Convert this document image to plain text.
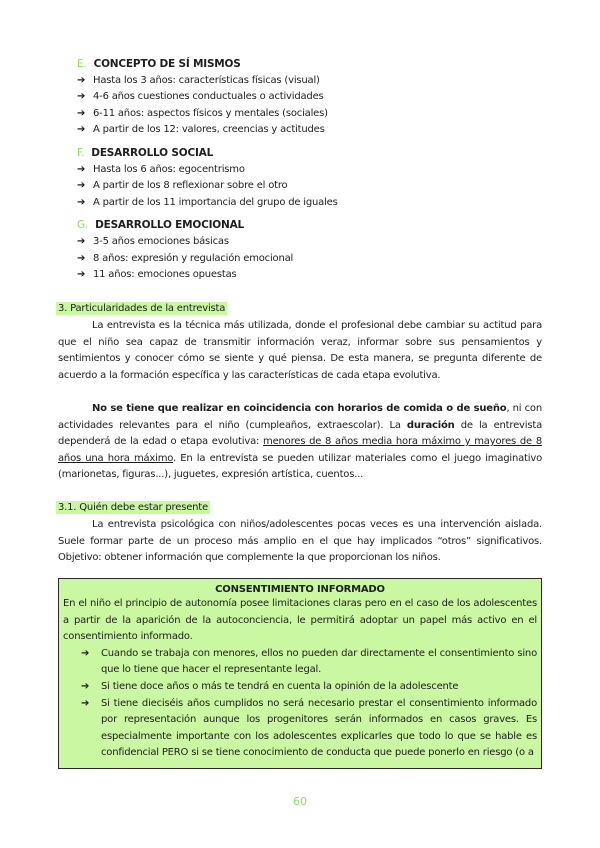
E. CONCEPTO DE SÍ MISMOS
➔ Hasta los 3 años: características físicas (visual)
➔ 4-6 años cuestiones conductuales o actividades
➔ 6-11 años: aspectos físicos y mentales (sociales)
➔ A partir de los 12: valores, creencias y actitudes
F. DESARROLLO SOCIAL
➔ Hasta los 6 años: egocentrismo
➔ A partir de los 8 reflexionar sobre el otro
➔ A partir de los 11 importancia del grupo de iguales
G. DESARROLLO EMOCIONAL
➔ 3-5 años emociones básicas
➔ 8 años: expresión y regulación emocional
➔ 11 años: emociones opuestas
3. Particularidades de la entrevista
La entrevista es la técnica más utilizada, donde el profesional debe cambiar su actitud para que el niño sea capaz de transmitir información veraz, informar sobre sus pensamientos y sentimientos y conocer cómo se siente y qué piensa. De esta manera, se pregunta diferente de acuerdo a la formación específica y las características de cada etapa evolutiva.
No se tiene que realizar en coincidencia con horarios de comida o de sueño, ni con actividades relevantes para el niño (cumpleaños, extraescolar). La duración de la entrevista dependerá de la edad o etapa evolutiva: menores de 8 años media hora máximo y mayores de 8 años una hora máximo. En la entrevista se pueden utilizar materiales como el juego imaginativo (marionetas, figuras...), juguetes, expresión artística, cuentos...
3.1. Quién debe estar presente
La entrevista psicológica con niños/adolescentes pocas veces es una intervención aislada. Suele formar parte de un proceso más amplio en el que hay implicados “otros” significativos. Objetivo: obtener información que complemente la que proporcionan los niños.
CONSENTIMIENTO INFORMADO
En el niño el principio de autonomía posee limitaciones claras pero en el caso de los adolescentes a partir de la aparición de la autoconciencia, le permitirá adoptar un papel más activo en el consentimiento informado.
➔ Cuando se trabaja con menores, ellos no pueden dar directamente el consentimiento sino que lo tiene que hacer el representante legal.
➔ Si tiene doce años o más te tendrá en cuenta la opinión de la adolescente
➔ Si tiene dieciséis años cumplidos no será necesario prestar el consentimiento informado por representación aunque los progenitores serán informados en casos graves. Es especialmente importante con los adolescentes explicarles que todo lo que se hable es confidencial PERO si se tiene conocimiento de conducta que puede ponerlo en riesgo (o a
60
